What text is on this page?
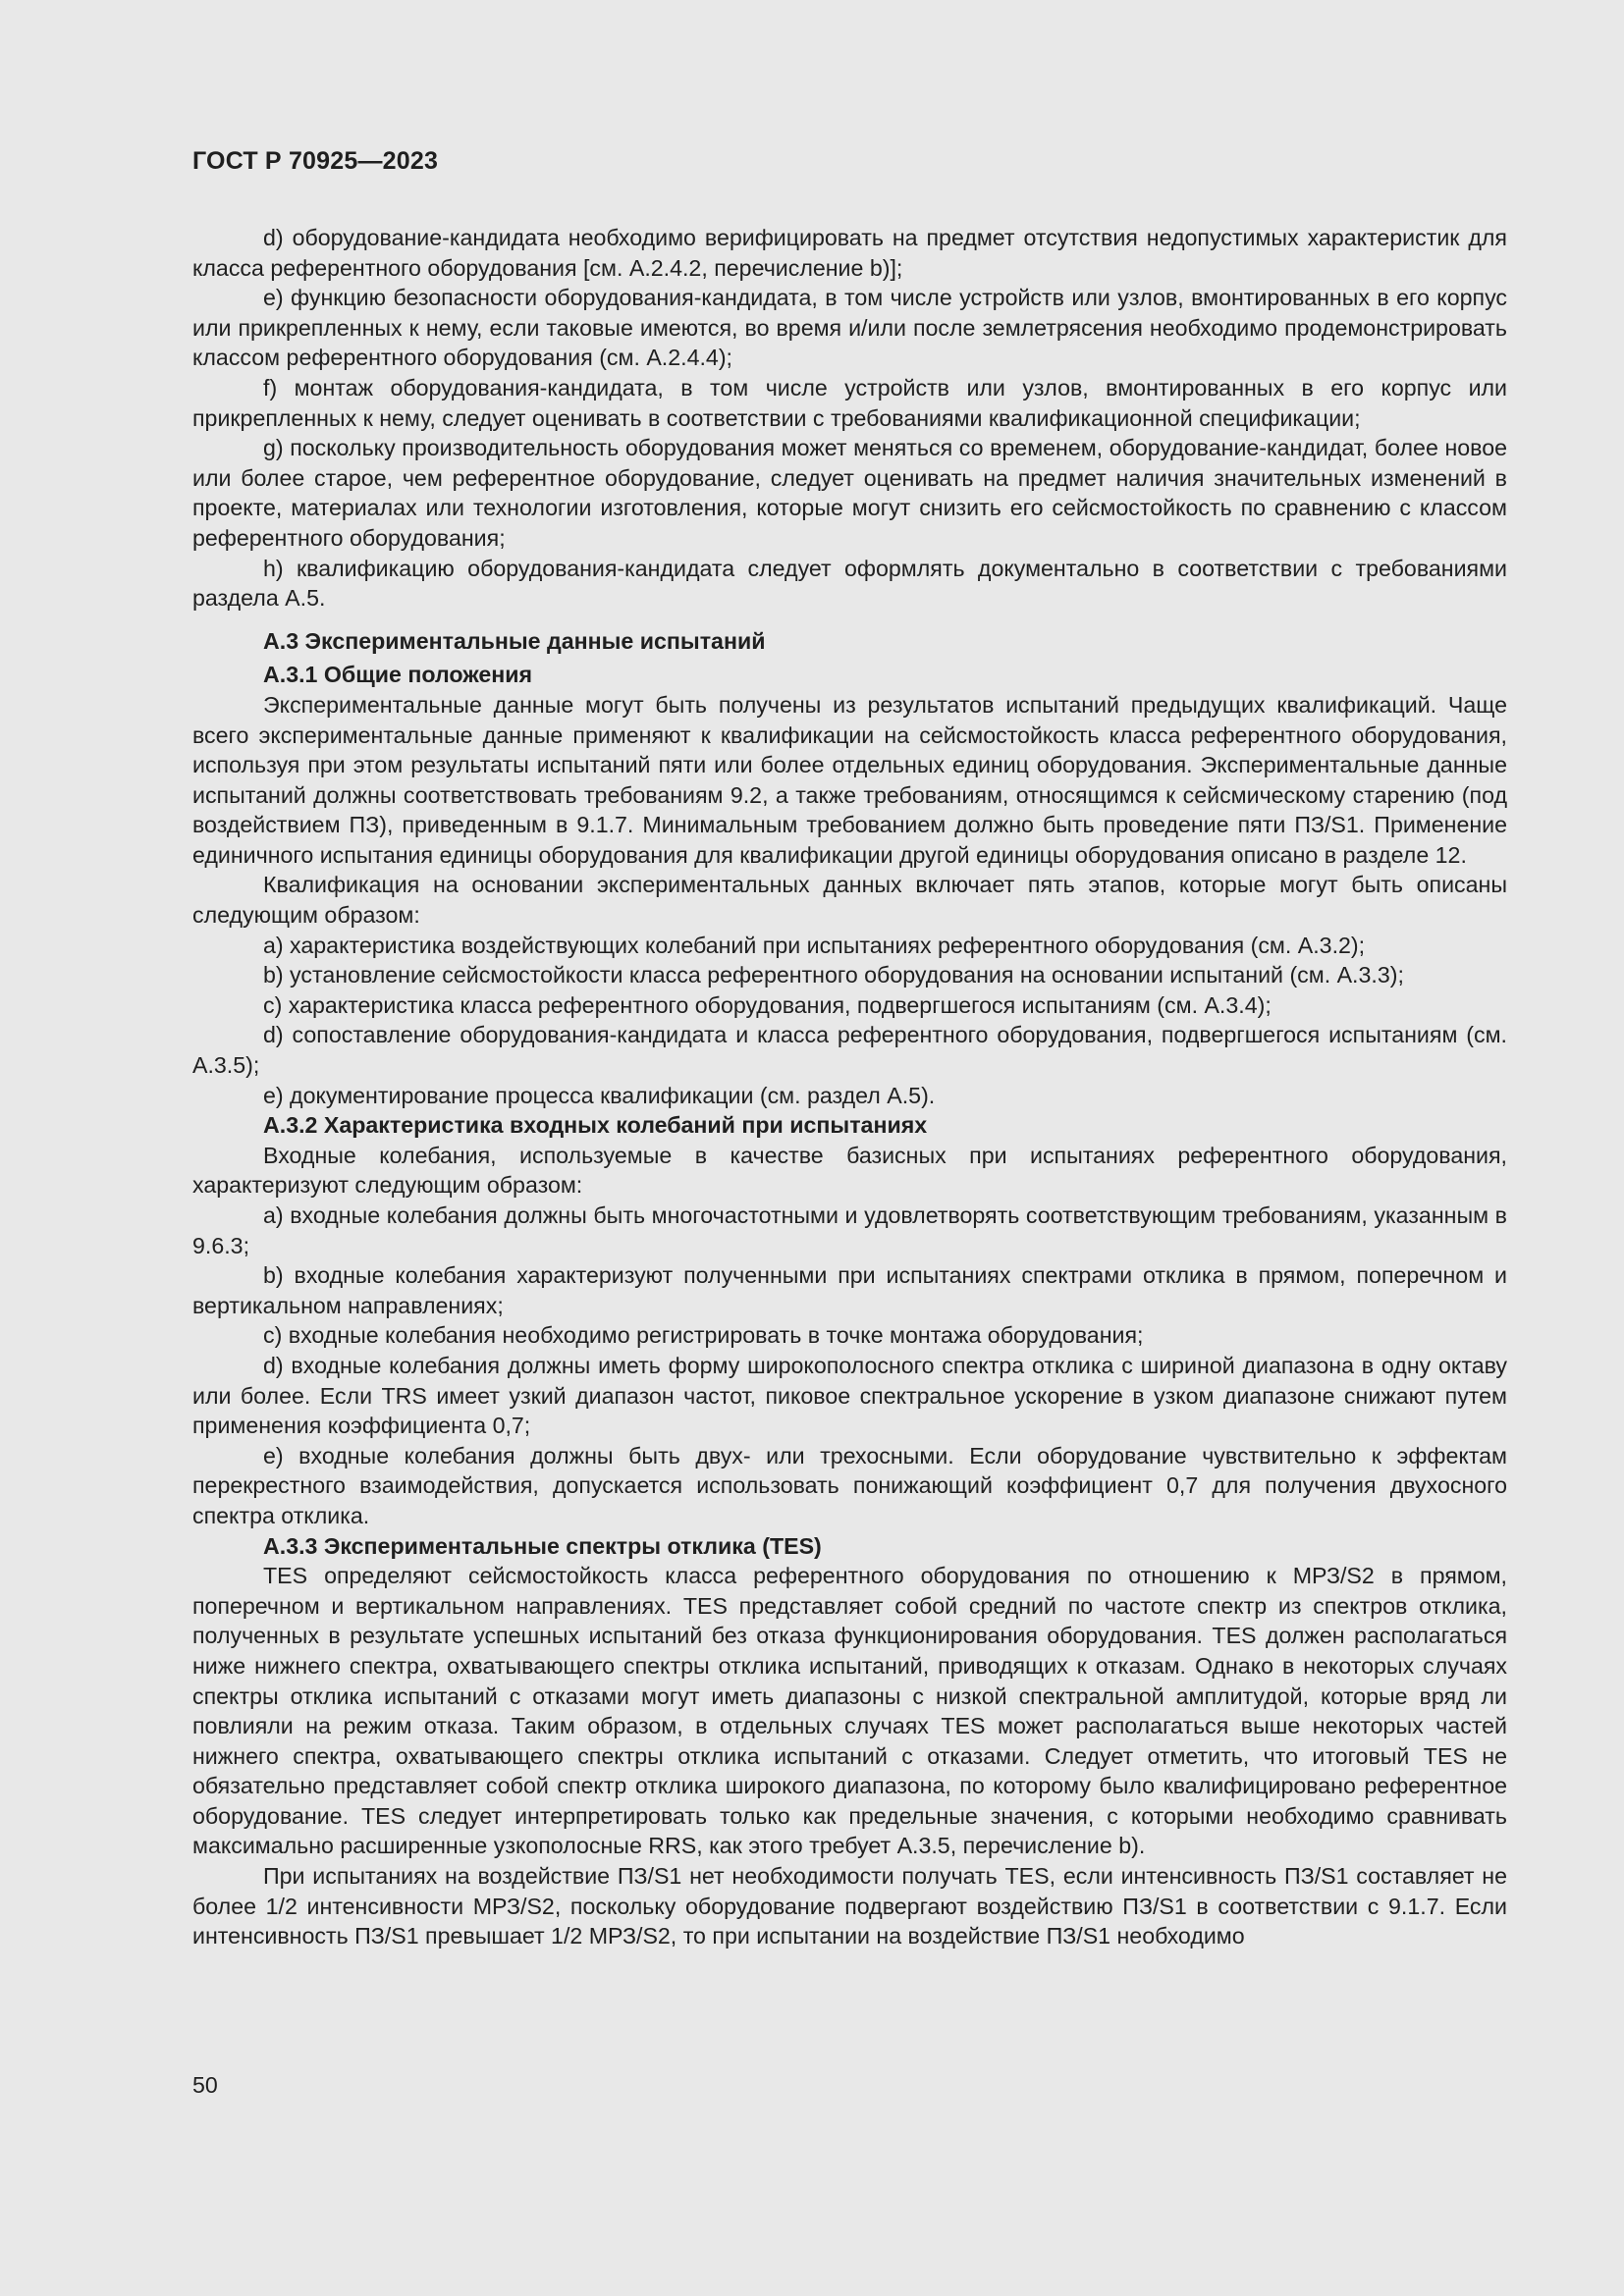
ГОСТ Р 70925—2023

d) оборудование-кандидата необходимо верифицировать на предмет отсутствия недопустимых характеристик для класса референтного оборудования [см. А.2.4.2, перечисление b)];

e) функцию безопасности оборудования-кандидата, в том числе устройств или узлов, вмонтированных в его корпус или прикрепленных к нему, если таковые имеются, во время и/или после землетрясения необходимо продемонстрировать классом референтного оборудования (см. А.2.4.4);

f) монтаж оборудования-кандидата, в том числе устройств или узлов, вмонтированных в его корпус или прикрепленных к нему, следует оценивать в соответствии с требованиями квалификационной спецификации;

g) поскольку производительность оборудования может меняться со временем, оборудование-кандидат, более новое или более старое, чем референтное оборудование, следует оценивать на предмет наличия значительных изменений в проекте, материалах или технологии изготовления, которые могут снизить его сейсмостойкость по сравнению с классом референтного оборудования;

h) квалификацию оборудования-кандидата следует оформлять документально в соответствии с требованиями раздела А.5.

А.3 Экспериментальные данные испытаний
А.3.1 Общие положения

Экспериментальные данные могут быть получены из результатов испытаний предыдущих квалификаций. Чаще всего экспериментальные данные применяют к квалификации на сейсмостойкость класса референтного оборудования, используя при этом результаты испытаний пяти или более отдельных единиц оборудования. Экспериментальные данные испытаний должны соответствовать требованиям 9.2, а также требованиям, относящимся к сейсмическому старению (под воздействием ПЗ), приведенным в 9.1.7. Минимальным требованием должно быть проведение пяти ПЗ/S1. Применение единичного испытания единицы оборудования для квалификации другой единицы оборудования описано в разделе 12.

Квалификация на основании экспериментальных данных включает пять этапов, которые могут быть описаны следующим образом:

a) характеристика воздействующих колебаний при испытаниях референтного оборудования (см. А.3.2);

b) установление сейсмостойкости класса референтного оборудования на основании испытаний (см. А.3.3);

c) характеристика класса референтного оборудования, подвергшегося испытаниям (см. А.3.4);

d) сопоставление оборудования-кандидата и класса референтного оборудования, подвергшегося испытаниям (см. А.3.5);

e) документирование процесса квалификации (см. раздел А.5).

А.3.2 Характеристика входных колебаний при испытаниях

Входные колебания, используемые в качестве базисных при испытаниях референтного оборудования, характеризуют следующим образом:

a) входные колебания должны быть многочастотными и удовлетворять соответствующим требованиям, указанным в 9.6.3;

b) входные колебания характеризуют полученными при испытаниях спектрами отклика в прямом, поперечном и вертикальном направлениях;

c) входные колебания необходимо регистрировать в точке монтажа оборудования;

d) входные колебания должны иметь форму широкополосного спектра отклика с шириной диапазона в одну октаву или более. Если TRS имеет узкий диапазон частот, пиковое спектральное ускорение в узком диапазоне снижают путем применения коэффициента 0,7;

e) входные колебания должны быть двух- или трехосными. Если оборудование чувствительно к эффектам перекрестного взаимодействия, допускается использовать понижающий коэффициент 0,7 для получения двухосного спектра отклика.

А.3.3 Экспериментальные спектры отклика (TES)

TES определяют сейсмостойкость класса референтного оборудования по отношению к МРЗ/S2 в прямом, поперечном и вертикальном направлениях. TES представляет собой средний по частоте спектр из спектров отклика, полученных в результате успешных испытаний без отказа функционирования оборудования. TES должен располагаться ниже нижнего спектра, охватывающего спектры отклика испытаний, приводящих к отказам. Однако в некоторых случаях спектры отклика испытаний с отказами могут иметь диапазоны с низкой спектральной амплитудой, которые вряд ли повлияли на режим отказа. Таким образом, в отдельных случаях TES может располагаться выше некоторых частей нижнего спектра, охватывающего спектры отклика испытаний с отказами. Следует отметить, что итоговый TES не обязательно представляет собой спектр отклика широкого диапазона, по которому было квалифицировано референтное оборудование. TES следует интерпретировать только как предельные значения, с которыми необходимо сравнивать максимально расширенные узкополосные RRS, как этого требует А.3.5, перечисление b).

При испытаниях на воздействие ПЗ/S1 нет необходимости получать TES, если интенсивность ПЗ/S1 составляет не более 1/2 интенсивности МРЗ/S2, поскольку оборудование подвергают воздействию ПЗ/S1 в соответствии с 9.1.7. Если интенсивность ПЗ/S1 превышает 1/2 МРЗ/S2, то при испытании на воздействие ПЗ/S1 необходимо

50
